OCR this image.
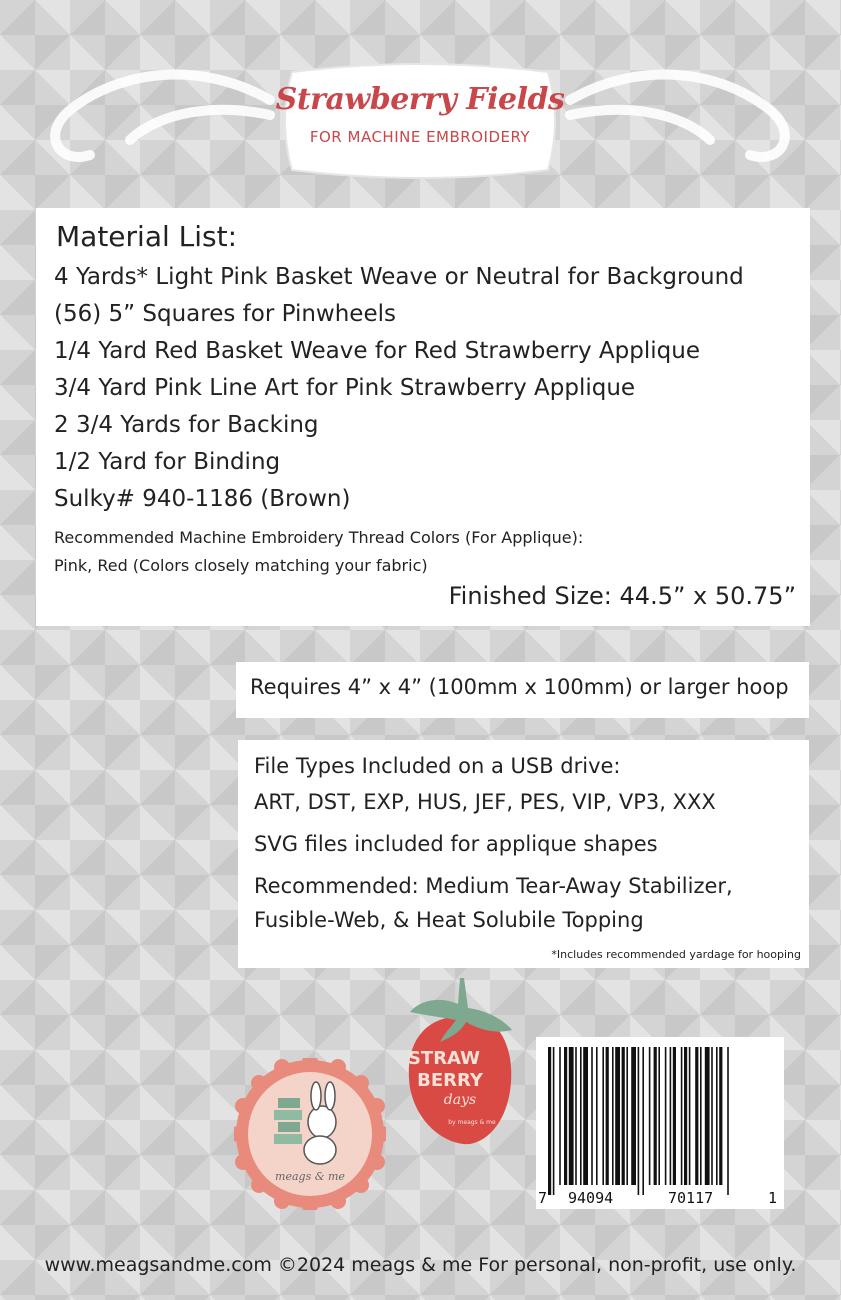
Strawberry Fields
FOR MACHINE EMBROIDERY
Material List:
4 Yards* Light Pink Basket Weave or Neutral for Background
(56) 5” Squares for Pinwheels
1/4 Yard Red Basket Weave for Red Strawberry Applique
3/4 Yard Pink Line Art for Pink Strawberry Applique
2 3/4 Yards for Backing
1/2 Yard for Binding
Sulky# 940-1186 (Brown)
Recommended Machine Embroidery Thread Colors (For Applique):
Pink, Red (Colors closely matching your fabric)
Finished Size: 44.5” x 50.75”
Requires 4” x 4” (100mm x 100mm) or larger hoop
File Types Included on a USB drive:
ART, DST, EXP, HUS, JEF, PES, VIP, VP3, XXX
SVG files included for applique shapes
Recommended: Medium Tear-Away Stabilizer,
Fusible-Web, & Heat Solubile Topping
*Includes recommended yardage for hooping
meags & me
STRAW
BERRY
days
by meags & me
7 94094	70117	1
www.meagsandme.com ©2024 meags & me For personal, non-profit, use only.
